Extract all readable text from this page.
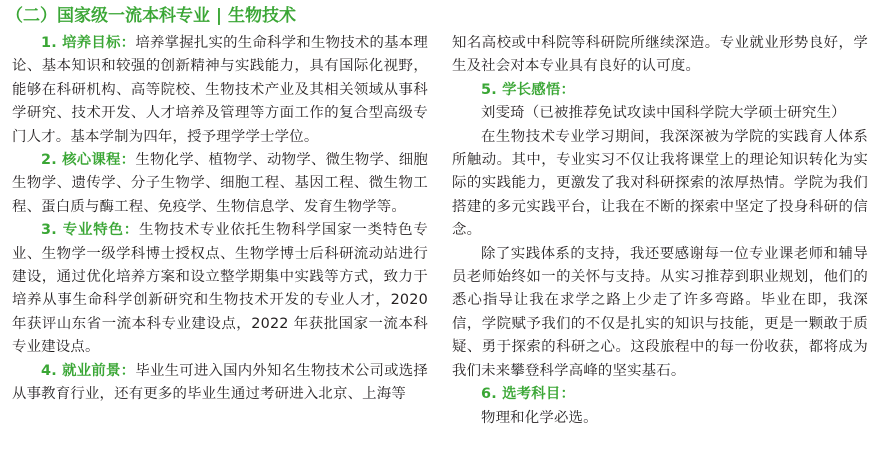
（二）国家级一流本科专业 | 生物技术

1. 培养目标：培养掌握扎实的生命科学和生物技术的基本理论、基本知识和较强的创新精神与实践能力，具有国际化视野，能够在科研机构、高等院校、生物技术产业及其相关领域从事科学研究、技术开发、人才培养及管理等方面工作的复合型高级专门人才。基本学制为四年，授予理学学士学位。

2. 核心课程：生物化学、植物学、动物学、微生物学、细胞生物学、遗传学、分子生物学、细胞工程、基因工程、微生物工程、蛋白质与酶工程、免疫学、生物信息学、发育生物学等。

3. 专业特色：生物技术专业依托生物科学国家一类特色专业、生物学一级学科博士授权点、生物学博士后科研流动站进行建设，通过优化培养方案和设立整学期集中实践等方式，致力于培养从事生命科学创新研究和生物技术开发的专业人才，2020 年获评山东省一流本科专业建设点，2022 年获批国家一流本科专业建设点。

4. 就业前景：毕业生可进入国内外知名生物技术公司或选择从事教育行业，还有更多的毕业生通过考研进入北京、上海等

知名高校或中科院等科研院所继续深造。专业就业形势良好，学生及社会对本专业具有良好的认可度。

5. 学长感悟：

刘雯琦（已被推荐免试攻读中国科学院大学硕士研究生）

在生物技术专业学习期间，我深深被为学院的实践育人体系所触动。其中，专业实习不仅让我将课堂上的理论知识转化为实际的实践能力，更激发了我对科研探索的浓厚热情。学院为我们搭建的多元实践平台，让我在不断的探索中坚定了投身科研的信念。

除了实践体系的支持，我还要感谢每一位专业课老师和辅导员老师始终如一的关怀与支持。从实习推荐到职业规划，他们的悉心指导让我在求学之路上少走了许多弯路。毕业在即，我深信，学院赋予我们的不仅是扎实的知识与技能，更是一颗敢于质疑、勇于探索的科研之心。这段旅程中的每一份收获，都将成为我们未来攀登科学高峰的坚实基石。

6. 选考科目：

物理和化学必选。
